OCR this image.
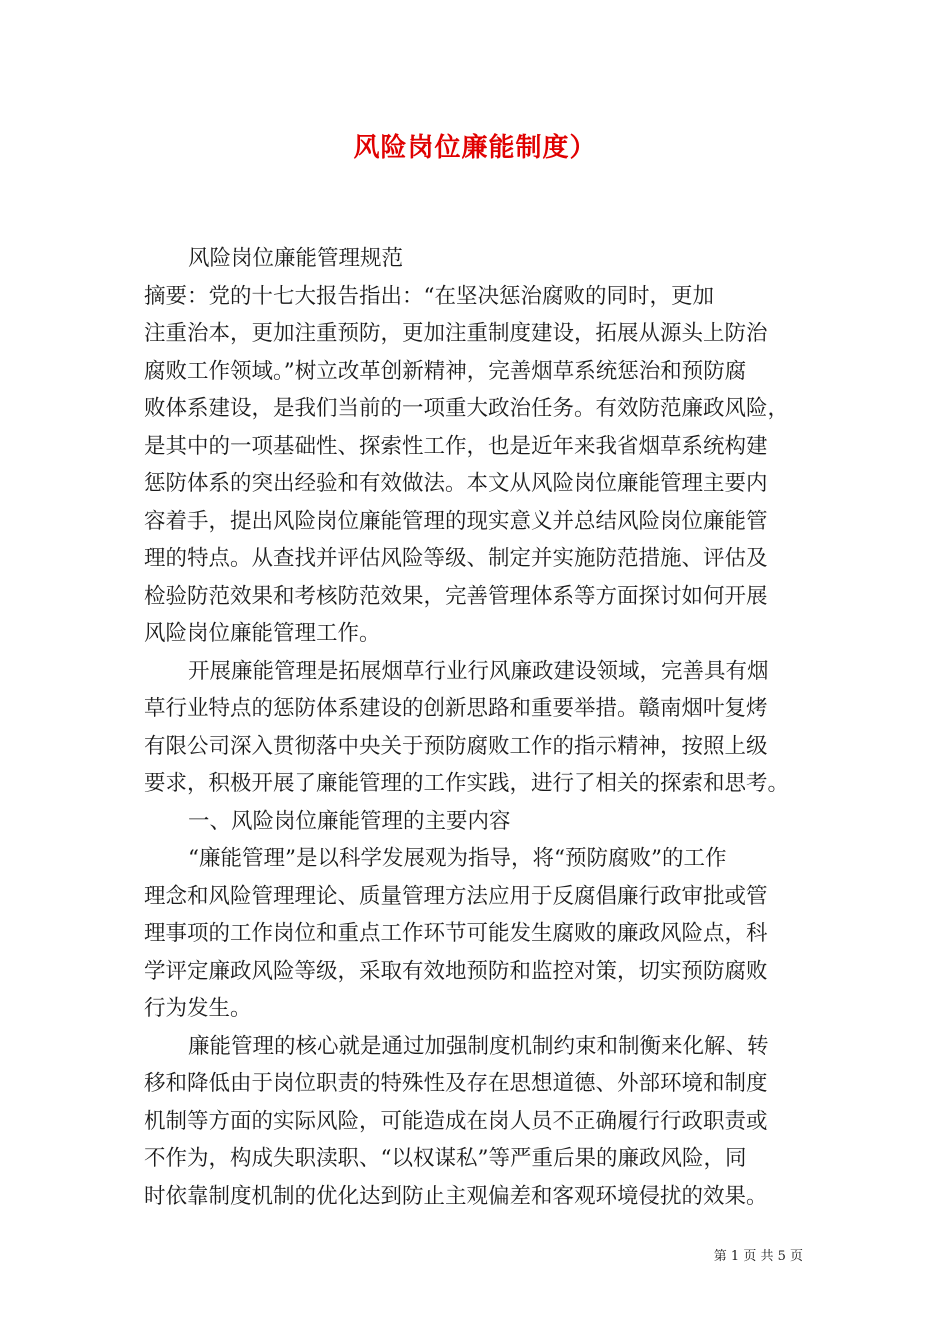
风险岗位廉能制度）
风险岗位廉能管理规范
摘要：党的十七大报告指出：“在坚决惩治腐败的同时，更加
注重治本，更加注重预防，更加注重制度建设，拓展从源头上防治
腐败工作领域。”树立改革创新精神，完善烟草系统惩治和预防腐
败体系建设，是我们当前的一项重大政治任务。有效防范廉政风险，
是其中的一项基础性、探索性工作，也是近年来我省烟草系统构建
惩防体系的突出经验和有效做法。本文从风险岗位廉能管理主要内
容着手，提出风险岗位廉能管理的现实意义并总结风险岗位廉能管
理的特点。从查找并评估风险等级、制定并实施防范措施、评估及
检验防范效果和考核防范效果，完善管理体系等方面探讨如何开展
风险岗位廉能管理工作。
开展廉能管理是拓展烟草行业行风廉政建设领域，完善具有烟
草行业特点的惩防体系建设的创新思路和重要举措。赣南烟叶复烤
有限公司深入贯彻落中央关于预防腐败工作的指示精神，按照上级
要求，积极开展了廉能管理的工作实践，进行了相关的探索和思考。
一、风险岗位廉能管理的主要内容
“廉能管理”是以科学发展观为指导，将“预防腐败”的工作
理念和风险管理理论、质量管理方法应用于反腐倡廉行政审批或管
理事项的工作岗位和重点工作环节可能发生腐败的廉政风险点，科
学评定廉政风险等级，采取有效地预防和监控对策，切实预防腐败
行为发生。
廉能管理的核心就是通过加强制度机制约束和制衡来化解、转
移和降低由于岗位职责的特殊性及存在思想道德、外部环境和制度
机制等方面的实际风险，可能造成在岗人员不正确履行行政职责或
不作为，构成失职渎职、“以权谋私”等严重后果的廉政风险，同
时依靠制度机制的优化达到防止主观偏差和客观环境侵扰的效果。
第 1 页 共 5 页
